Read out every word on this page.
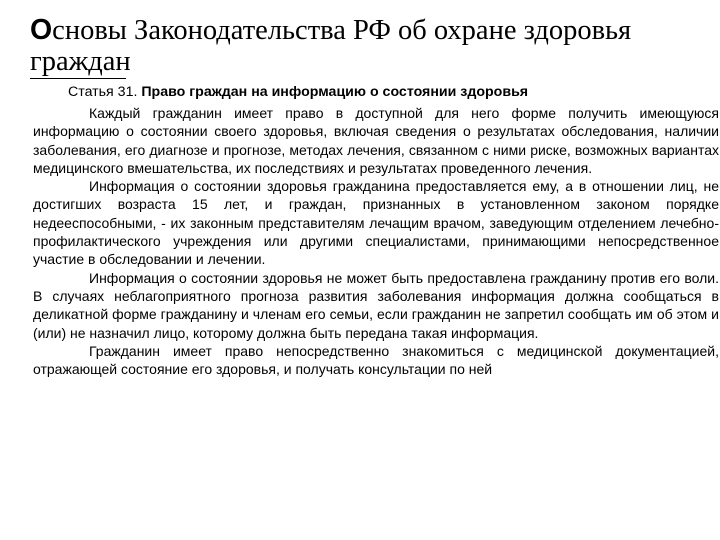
Основы Законодательства РФ об охране здоровья граждан
Статья 31. Право граждан на информацию о состоянии здоровья

Каждый гражданин имеет право в доступной для него форме получить имеющуюся информацию о состоянии своего здоровья, включая сведения о результатах обследования, наличии заболевания, его диагнозе и прогнозе, методах лечения, связанном с ними риске, возможных вариантах медицинского вмешательства, их последствиях и результатах проведенного лечения.

Информация о состоянии здоровья гражданина предоставляется ему, а в отношении лиц, не достигших возраста 15 лет, и граждан, признанных в установленном законом порядке недееспособными, - их законным представителям лечащим врачом, заведующим отделением лечебно-профилактического учреждения или другими специалистами, принимающими непосредственное участие в обследовании и лечении.

Информация о состоянии здоровья не может быть предоставлена гражданину против его воли. В случаях неблагоприятного прогноза развития заболевания информация должна сообщаться в деликатной форме гражданину и членам его семьи, если гражданин не запретил сообщать им об этом и (или) не назначил лицо, которому должна быть передана такая информация.

Гражданин имеет право непосредственно знакомиться с медицинской документацией, отражающей состояние его здоровья, и получать консультации по ней
